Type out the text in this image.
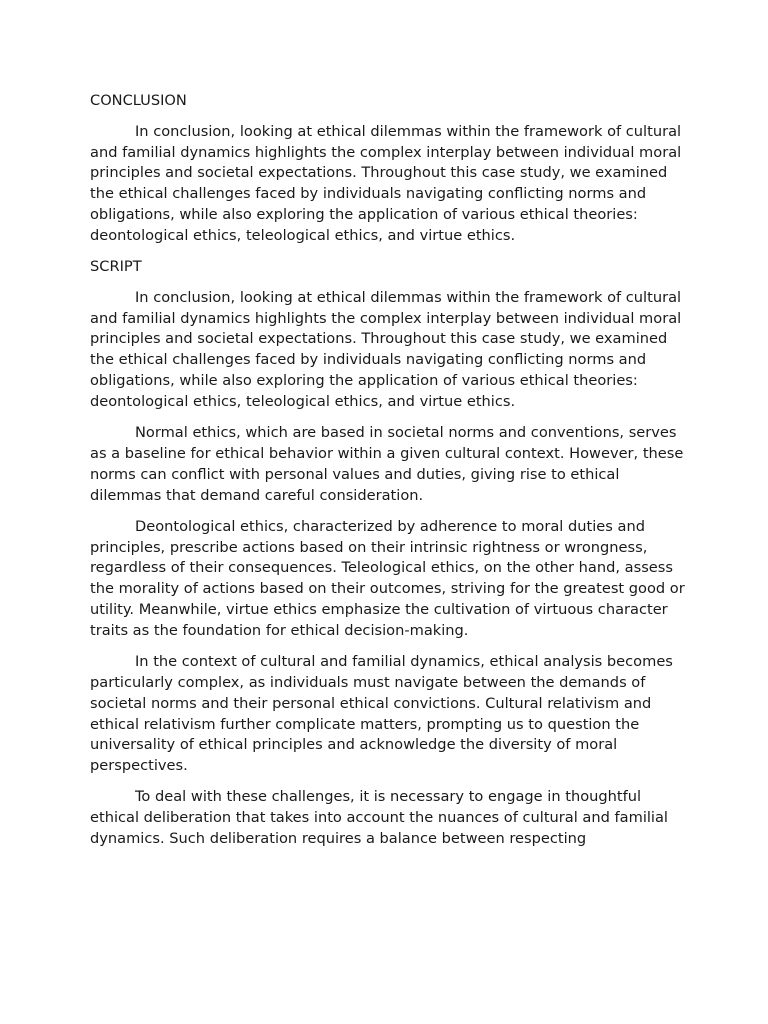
CONCLUSION

In conclusion, looking at ethical dilemmas within the framework of cultural and familial dynamics highlights the complex interplay between individual moral principles and societal expectations. Throughout this case study, we examined the ethical challenges faced by individuals navigating conflicting norms and obligations, while also exploring the application of various ethical theories: deontological ethics, teleological ethics, and virtue ethics.

SCRIPT

In conclusion, looking at ethical dilemmas within the framework of cultural and familial dynamics highlights the complex interplay between individual moral principles and societal expectations. Throughout this case study, we examined the ethical challenges faced by individuals navigating conflicting norms and obligations, while also exploring the application of various ethical theories: deontological ethics, teleological ethics, and virtue ethics.

Normal ethics, which are based in societal norms and conventions, serves as a baseline for ethical behavior within a given cultural context. However, these norms can conflict with personal values and duties, giving rise to ethical dilemmas that demand careful consideration.

Deontological ethics, characterized by adherence to moral duties and principles, prescribe actions based on their intrinsic rightness or wrongness, regardless of their consequences. Teleological ethics, on the other hand, assess the morality of actions based on their outcomes, striving for the greatest good or utility. Meanwhile, virtue ethics emphasize the cultivation of virtuous character traits as the foundation for ethical decision-making.

In the context of cultural and familial dynamics, ethical analysis becomes particularly complex, as individuals must navigate between the demands of societal norms and their personal ethical convictions. Cultural relativism and ethical relativism further complicate matters, prompting us to question the universality of ethical principles and acknowledge the diversity of moral perspectives.

To deal with these challenges, it is necessary to engage in thoughtful ethical deliberation that takes into account the nuances of cultural and familial dynamics. Such deliberation requires a balance between respecting
